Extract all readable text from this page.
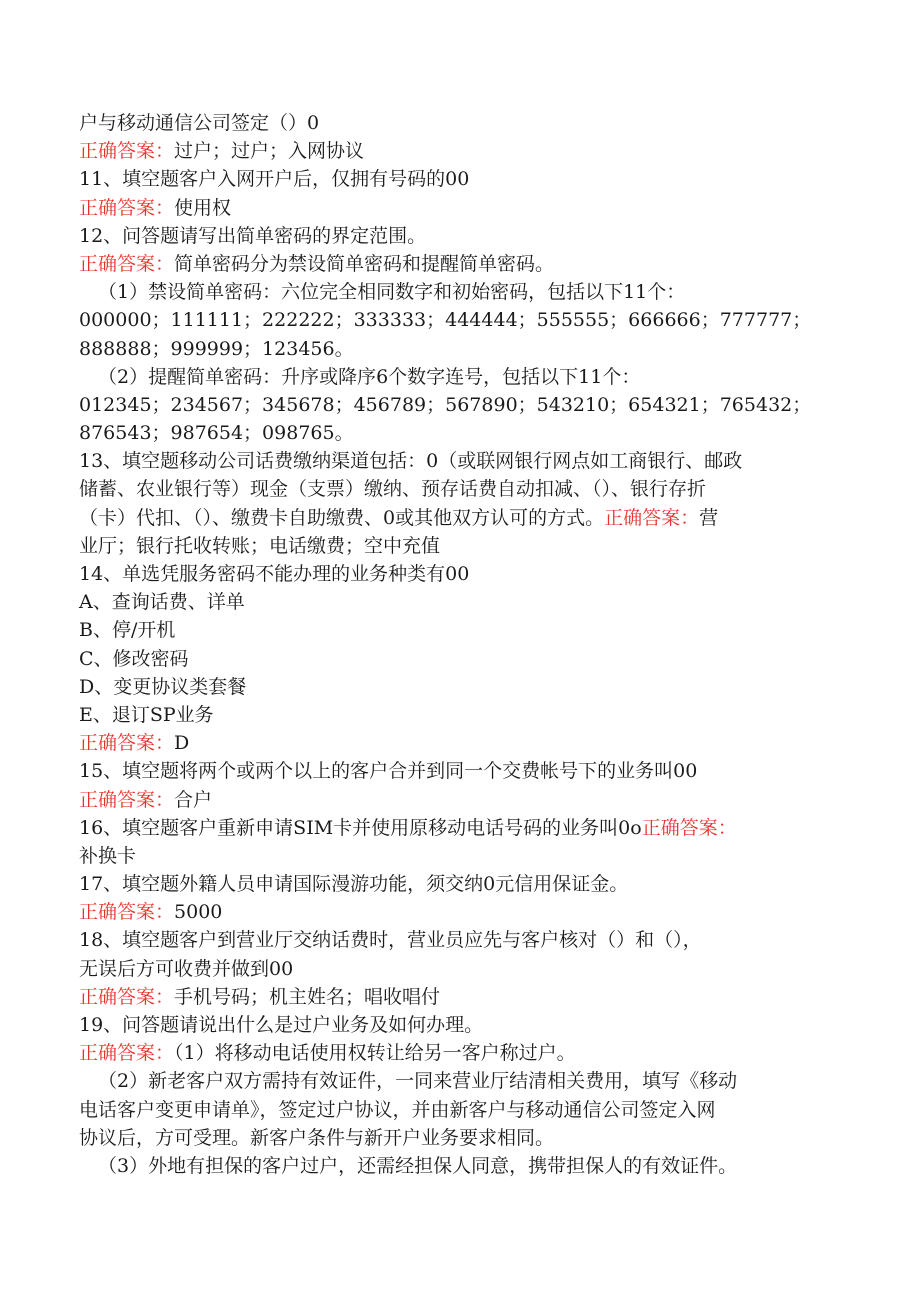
户与移动通信公司签定（）0
正确答案：过户；过户；入网协议
11、填空题客户入网开户后，仅拥有号码的00
正确答案：使用权
12、问答题请写出简单密码的界定范围。
正确答案：简单密码分为禁设简单密码和提醒简单密码。
（1）禁设简单密码：六位完全相同数字和初始密码，包括以下11个：
000000；111111；222222；333333；444444；555555；666666；777777；
888888；999999；123456。
（2）提醒简单密码：升序或降序6个数字连号，包括以下11个：
012345；234567；345678；456789；567890；543210；654321；765432；
876543；987654；098765。
13、填空题移动公司话费缴纳渠道包括：0（或联网银行网点如工商银行、邮政
储蓄、农业银行等）现金（支票）缴纳、预存话费自动扣减、（）、银行存折
（卡）代扣、（）、缴费卡自助缴费、0或其他双方认可的方式。正确答案：营
业厅；银行托收转账；电话缴费；空中充值
14、单选凭服务密码不能办理的业务种类有00
A、查询话费、详单
B、停/开机
C、修改密码
D、变更协议类套餐
E、退订SP业务
正确答案：D
15、填空题将两个或两个以上的客户合并到同一个交费帐号下的业务叫00
正确答案：合户
16、填空题客户重新申请SIM卡并使用原移动电话号码的业务叫0o正确答案：
补换卡
17、填空题外籍人员申请国际漫游功能，须交纳0元信用保证金。
正确答案：5000
18、填空题客户到营业厅交纳话费时，营业员应先与客户核对（）和（），
无误后方可收费并做到00
正确答案：手机号码；机主姓名；唱收唱付
19、问答题请说出什么是过户业务及如何办理。
正确答案：（1）将移动电话使用权转让给另一客户称过户。
（2）新老客户双方需持有效证件，一同来营业厅结清相关费用，填写《移动
电话客户变更申请单》，签定过户协议，并由新客户与移动通信公司签定入网
协议后，方可受理。新客户条件与新开户业务要求相同。
（3）外地有担保的客户过户，还需经担保人同意，携带担保人的有效证件。
